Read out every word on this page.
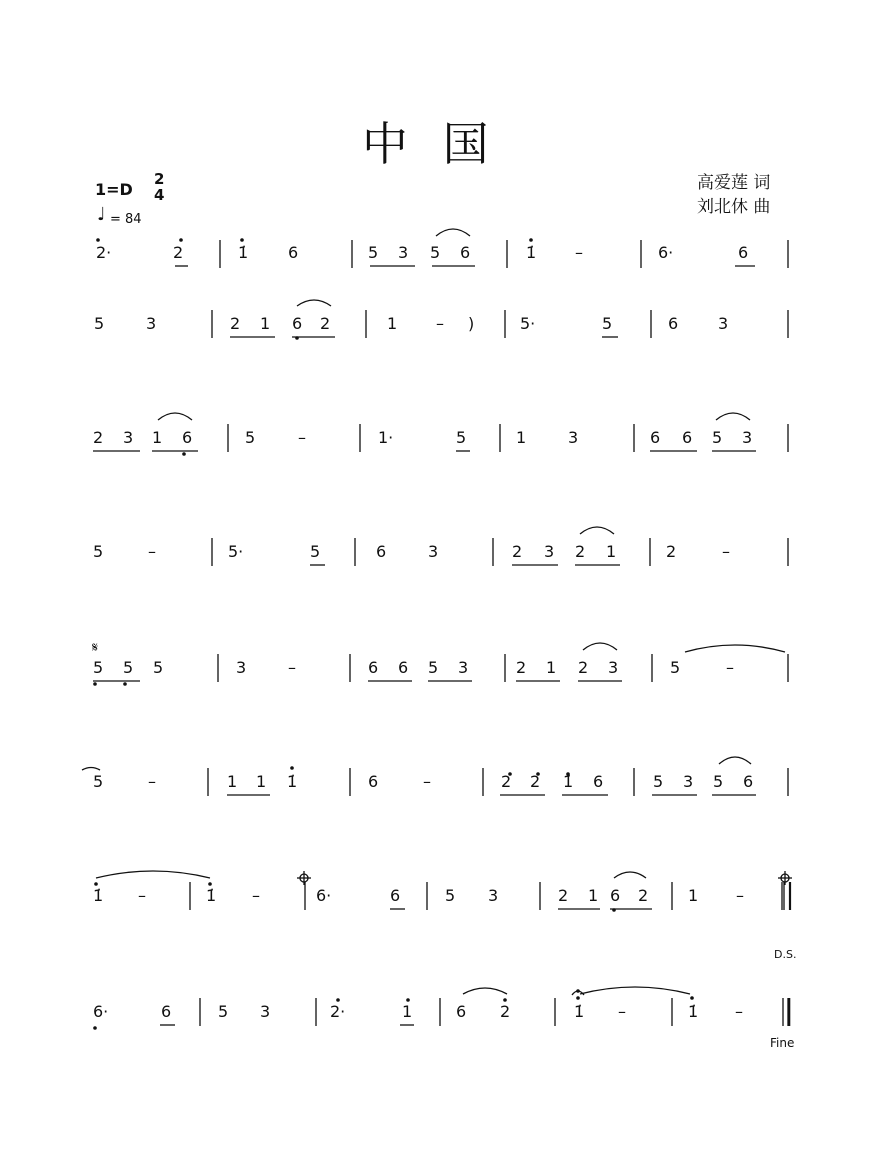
中 国
高爱莲 词
刘北休 曲
1=D
2
4
♩ = 84
𝄋
D.S.
Fine
2·	2	1̇ 6	5 3 5 6	1̇ –	6·	6
5	3	2 1 6 2	1 – )	5·	5	6 3
2 3 1 6	5	–	1·	5	1	3	6 6 5 3
5	–	5·	5	6	3	2 3 2 1	2	–
5 5 5	3	–	6 6 5 3	2 1 2 3	5	–
5	–	1 1 1̇	6	–	2 2 1̇ 6	5 3 5 6
1̇ –	1̇ –	6·	6	5 3	2 1 6 2 1 –
6·	6	5 3	2·	1	6 2	1̇ –	1̇ –
